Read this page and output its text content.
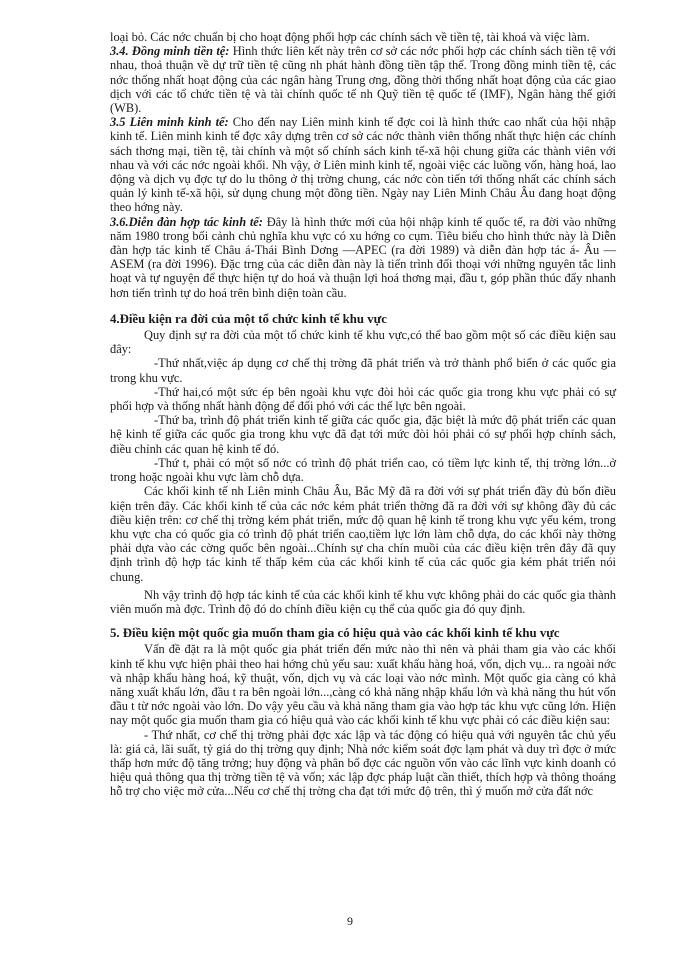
loại bỏ. Các nớc chuẩn bị cho hoạt động phối hợp các chính sách về tiền tệ, tài khoá và việc làm.

3.4. Đồng minh tiền tệ: Hình thức liên kết này trên cơ sở các nớc phối hợp các chính sách tiền tệ với nhau, thoả thuận về dự trữ tiền tệ cũng nh phát hành đồng tiền tập thể. Trong đồng minh tiền tệ, các nớc thống nhất hoạt động của các ngân hàng Trung ơng, đồng thời thống nhất hoạt động của các giao dịch với các tổ chức tiền tệ và tài chính quốc tế nh Quỹ tiền tệ quốc tế (IMF), Ngân hàng thế giới (WB).

3.5 Liên minh kinh tế: Cho đến nay Liên minh kinh tế đợc coi là hình thức cao nhất của hội nhập kinh tế. Liên minh kinh tế đợc xây dựng trên cơ sở các nớc thành viên thống nhất thực hiện các chính sách thơng mại, tiền tệ, tài chính và một số chính sách kinh tế-xã hội chung giữa các thành viên với nhau và với các nớc ngoài khối. Nh vậy, ở Liên minh kinh tế, ngoài việc các luồng vốn, hàng hoá, lao động và dịch vụ đợc tự do lu thông ở thị trờng chung, các nớc còn tiến tới thống nhất các chính sách quản lý kinh tế-xã hội, sử dụng chung một đồng tiền. Ngày nay Liên Minh Châu Âu đang hoạt động theo hớng này.

3.6.Diễn đàn hợp tác kinh tế: Đây là hình thức mới của hội nhập kinh tế quốc tế, ra đời vào những năm 1980 trong bối cảnh chủ nghĩa khu vực có xu hớng co cụm. Tiêu biểu cho hình thức này là Diễn đàn hợp tác kinh tế Châu á-Thái Bình Dơng —APEC (ra đời 1989) và diễn đàn hợp tác á- Âu —ASEM (ra đời 1996). Đặc trng của các diễn đàn này là tiến trình đối thoại với những nguyên tắc linh hoạt và tự nguyện để thực hiện tự do hoá và thuận lợi hoá thơng mại, đầu t, góp phần thúc đẩy nhanh hơn tiến trình tự do hoá trên bình diện toàn cầu.

4.Điều kiện ra đời của một tổ chức kinh tế khu vực

Quy định sự ra đời của một tổ chức kinh tế khu vực,có thể bao gồm một số các điều kiện sau đây:

-Thứ nhất,việc áp dụng cơ chế thị trờng đã phát triển và trở thành phổ biến ở các quốc gia trong khu vực.

-Thứ hai,có một sức ép bên ngoài khu vực đòi hỏi các quốc gia trong khu vực phải có sự phối hợp và thống nhất hành động để đối phó với các thế lực bên ngoài.

-Thứ ba, trình độ phát triển kinh tế giữa các quốc gia, đặc biệt là mức độ phát triển các quan hệ kinh tế giữa các quốc gia trong khu vực đã đạt tới mức đòi hỏi phải có sự phối hợp chính sách, điều chỉnh các quan hệ kinh tế đó.

-Thứ t, phải có một số nớc có trình độ phát triển cao, có tiềm lực kinh tế, thị trờng lớn...ở trong hoặc ngoài khu vực làm chỗ dựa.

Các khối kinh tế nh Liên minh Châu Âu, Bắc Mỹ đã ra đời với sự phát triển đầy đủ bốn điều kiện trên đây. Các khối kinh tế của các nớc kém phát triển thờng đã ra đời với sự không đầy đủ các điều kiện trên: cơ chế thị trờng kém phát triển, mức độ quan hệ kinh tế trong khu vực yếu kém, trong khu vực cha có quốc gia có trình độ phát triển cao,tiềm lực lớn làm chỗ dựa, do các khối này thờng phải dựa vào các cờng quốc bên ngoài...Chính sự cha chín muồi của các điều kiện trên đây đã quy định trình độ hợp tác kinh tế thấp kém của các khối kinh tế của các quốc gia kém phát triển nói chung.

Nh vậy trình độ hợp tác kinh tế của các khối kinh tế khu vực không phải do các quốc gia thành viên muốn mà đợc. Trình độ đó do chính điều kiện cụ thể của quốc gia đó quy định.

5. Điều kiện một quốc gia muốn tham gia có hiệu quả vào các khối kinh tế khu vực

Vấn đề đặt ra là một quốc gia phát triển đến mức nào thì nên và phải tham gia vào các khối kinh tế khu vực hiện phải theo hai hớng chủ yếu sau: xuất khẩu hàng hoá, vốn, dịch vụ... ra ngoài nớc và nhập khẩu hàng hoá, kỹ thuật, vốn, dịch vụ và các loại vào nớc mình. Một quốc gia càng có khả năng xuất khẩu lớn, đầu t ra bên ngoài lớn...,càng có khả năng nhập khẩu lớn và khả năng thu hút vốn đầu t từ nớc ngoài vào lớn. Do vậy yêu cầu và khả năng tham gia vào hợp tác khu vực cũng lớn. Hiện nay một quốc gia muốn tham gia có hiệu quả vào các khối kinh tế khu vực phải có các điều kiện sau:

- Thứ nhất, cơ chế thị trờng phải đợc xác lập và tác động có hiệu quả với nguyên tắc chủ yếu là: giá cả, lãi suất, tỷ giá do thị trờng quy định; Nhà nớc kiểm soát đợc lạm phát và duy trì đợc ở mức thấp hơn mức độ tăng trởng; huy động và phân bổ đợc các nguồn vốn vào các lĩnh vực kinh doanh có hiệu quả thông qua thị trờng tiền tệ và vốn; xác lập đợc pháp luật cần thiết, thích hợp và thông thoáng hỗ trợ cho việc mở cửa...Nếu cơ chế thị trờng cha đạt tới mức độ trên, thì ý muốn mở cửa đất nớc

9
